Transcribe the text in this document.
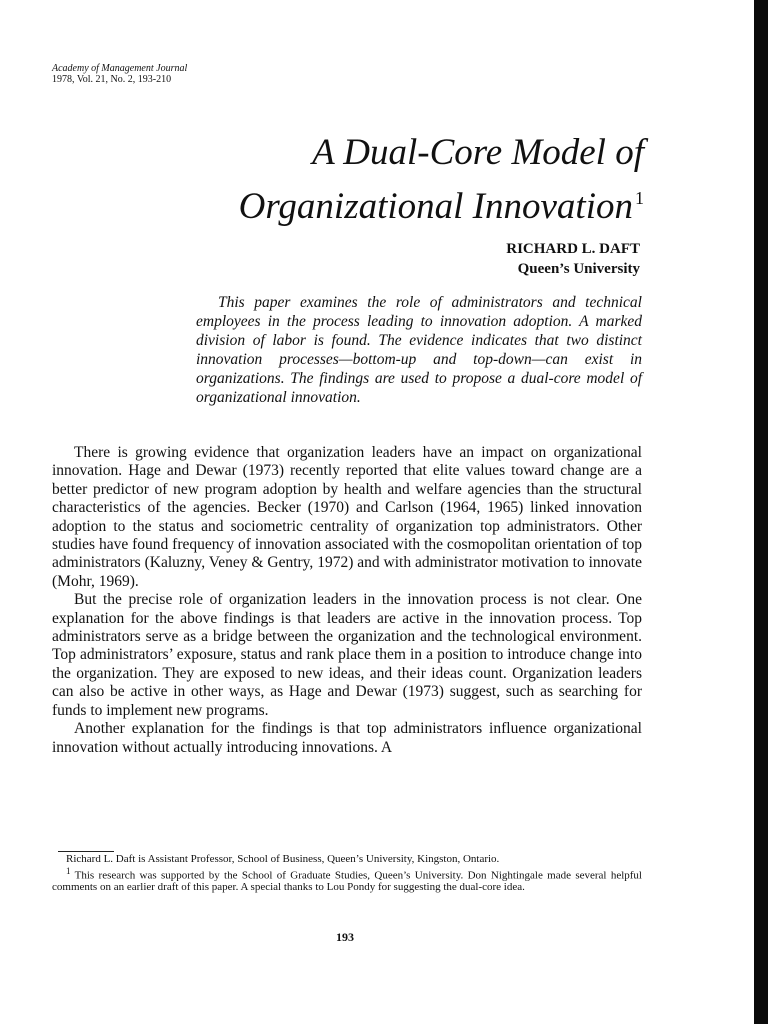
Academy of Management Journal
1978, Vol. 21, No. 2, 193-210
A Dual-Core Model of
Organizational Innovation $^1$
RICHARD L. DAFT
Queen’s University
This paper examines the role of administrators and technical employees in the process leading to innovation adoption. A marked division of labor is found. The evidence indicates that two distinct innovation processes—bottom-up and top-down—can exist in organizations. The findings are used to propose a dual-core model of organizational innovation.

There is growing evidence that organization leaders have an impact on organizational innovation. Hage and Dewar (1973) recently reported that elite values toward change are a better predictor of new program adoption by health and welfare agencies than the structural characteristics of the agencies. Becker (1970) and Carlson (1964, 1965) linked innovation adoption to the status and sociometric centrality of organization top administrators. Other studies have found frequency of innovation associated with the cosmopolitan orientation of top administrators (Kaluzny, Veney & Gentry, 1972) and with administrator motivation to innovate (Mohr, 1969).

But the precise role of organization leaders in the innovation process is not clear. One explanation for the above findings is that leaders are active in the innovation process. Top administrators serve as a bridge between the organization and the technological environment. Top administrators’ exposure, status and rank place them in a position to introduce change into the organization. They are exposed to new ideas, and their ideas count. Organization leaders can also be active in other ways, as Hage and Dewar (1973) suggest, such as searching for funds to implement new programs.

Another explanation for the findings is that top administrators influence organizational innovation without actually introducing innovations. A

Richard L. Daft is Assistant Professor, School of Business, Queen’s University, Kingston, Ontario.

$^1$ This research was supported by the School of Graduate Studies, Queen’s University. Don Nightingale made several helpful comments on an earlier draft of this paper. A special thanks to Lou Pondy for suggesting the dual-core idea.

193
